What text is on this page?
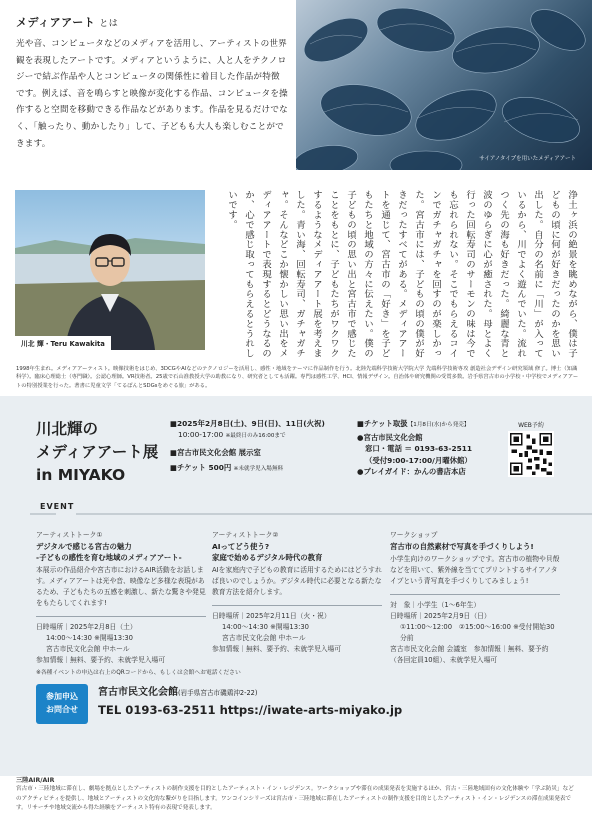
メディアアート とは
光や音、コンピュータなどのメディアを活用し、アーティストの世界観を表現したアートです。メディアというように、人と人をテクノロジーで結ぶ作品や人とコンピュータの関係性に着目した作品が特徴です。例えば、音を鳴らすと映像が変化する作品、コンピュータを操作すると空間を移動できる作品などがあります。作品を見るだけでなく、「触ったり、動かしたり」して、子どもも大人も楽しむことができます。
サイアノタイプを用いたメディアアート
川北 輝・Teru Kawakita	浄土ヶ浜の絶景を眺めながら、僕は子どもの頃に何が好きだったのかを思い出した。自分の名前に「川」が入っているから、川でよく遊んでいた。流れつく先の海も好きだった。綺麗な青と波のゆらぎに心が癒された。母とよく行った回転寿司のサーモンの味は今でも忘れられない。そこでもらえるコインでガチャガチャを回すのが楽しかった。宮古市には、子どもの頃の僕が好きだったすべてがある。メディアアートを通じて、宮古市の「好き」を子どもたちと地域の方々に伝えたい。僕の子どもの頃の思い出と宮古市で感じたことをもとに、子どもたちがワクワクするようなメディアアート展を考えました。青い海、回転寿司、ガチャガチャ。そんなどこか懐かしい思い出をメディアアートで表現するとどうなるのか、心で感じ取ってもらえるとうれしいです。
1998年生まれ。メディアアーティスト。映像技術をはじめ、3DCGやAIなどのテクノロジーを活用し、感性・地域をテーマに作品制作を行う。北陸先端科学技術大学院大学 先端科学技術専攻 創造社会デザイン研究領域 修了。博士（知識科学）。臨床心理総士（専門職）。公認心理師。VR技術者。25歳で石山准教授大学の助教になり、研究者としても活躍。専門は感性工学、HCI、情報デザイン。自治体や研究機関の受賞多数。岩手県宮古市の小学校・中学校でメディアアートの特別授業を行った。著書に児童文学「てるぽんとSDGsをめぐる旅」がある。
川北輝の
メディアアート展
in MIYAKO
■2025年2月8日(土)、9日(日)、11日(火祝)
10:00-17:00 ※最終日のみ16:00まで
■宮古市民文化会館 展示室
■チケット 500円 ※未就学児入場無料
■チケット取扱【1月8日(水)から発売】
●宮古市民文化会館
窓口・電話 ＝ 0193-63-2511
（受付9:00-17:00/月曜休館）
●プレイガイド：かんの書店本店
WEB予約
EVENT
アーティストトーク①
デジタルで感じる宮古の魅力
-子どもの感性を育む地域のメディアアート-
本展示の作品紹介や宮古市におけるAIR活動をお話します。メディアアートは光や音、映像など多様な表現があるため、子どもたちの五感を刺激し、新たな驚きや発見をもたらしてくれます!
日時場所｜2025年2月8日（土）
14:00〜14:30 ※開場13:30
宮古市民文化会館 中ホール
参加情報｜無料、要予約、未就学児入場可
アーティストトーク②
AIってどう使う?
家庭で始めるデジタル時代の教育
AIを家庭内で子どもの教育に活用するためにはどうすれば良いのでしょうか。デジタル時代に必要となる新たな教育方法を紹介します。
日時場所｜2025年2月11日（火・祝）
14:00〜14:30 ※開場13:30
宮古市民文化会館 中ホール
参加情報｜無料、要予約、未就学児入場可
ワークショップ
宮古市の自然素材で写真を手づくりしよう!
小学生向けのワークショップです。宮古市の植物や貝殻などを用いて、紫外線を当ててプリントするサイアノタイプという青写真を手づくりしてみましょう!
対　象｜小学生（1〜6年生）
日時場所｜2025年2月9日（日）
①11:00〜12:00　②15:00〜16:00 ※受付開始30分前
宮古市民文化会館 会議室　参加情報｜無料、要予約（各回定員10組）、未就学児入場可
※各種イベントの申込は右上のQRコードから、もしくは会館へお電話ください
参加申込
お問合せ
宮古市民文化会館(岩手県宮古市磯鶏沖2-22)
TEL 0193-63-2511 https://iwate-arts-miyako.jp
三陸AIR/AIR
宮古市・三陸地域に滞在し、劇場を拠点としたアーティストの制作支援を目的としたアーティスト・イン・レジデンス。ワークショップや滞在の成果発表を実施するほか、宮古・三陸地域固有の文化体験や「学ぶ防災」などのアクティビティを提供し、地域とアーティストの文化的な繋がりを目指します。ワンコインシリーズは宮古市・三陸地域に滞在したアーティストの制作支援を目的としたアーティスト・イン・レジデンスの滞在成果発表です。リサーチや地域交流から得た経験をアーティスト特有の表現で発表します。
